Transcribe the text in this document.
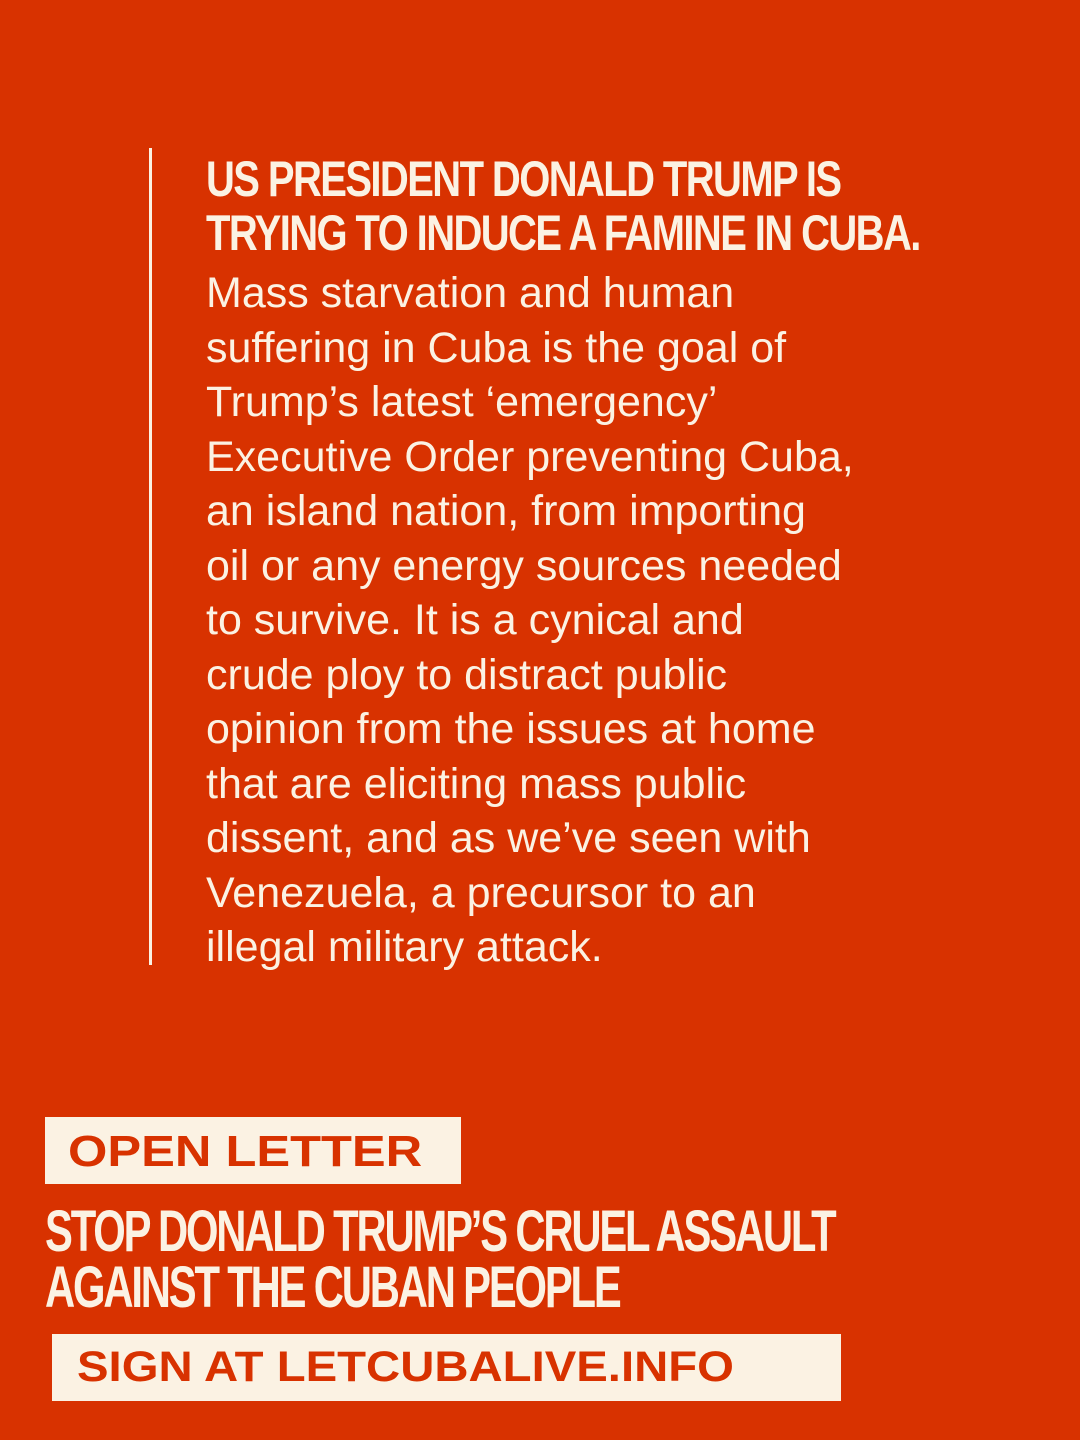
US PRESIDENT DONALD TRUMP IS
TRYING TO INDUCE A FAMINE IN CUBA.

Mass starvation and human
suffering in Cuba is the goal of
Trump’s latest ‘emergency’
Executive Order preventing Cuba,
an island nation, from importing
oil or any energy sources needed
to survive. It is a cynical and
crude ploy to distract public
opinion from the issues at home
that are eliciting mass public
dissent, and as we’ve seen with
Venezuela, a precursor to an
illegal military attack.

OPEN LETTER

STOP DONALD TRUMP’S CRUEL ASSAULT
AGAINST THE CUBAN PEOPLE

SIGN AT LETCUBALIVE.INFO
